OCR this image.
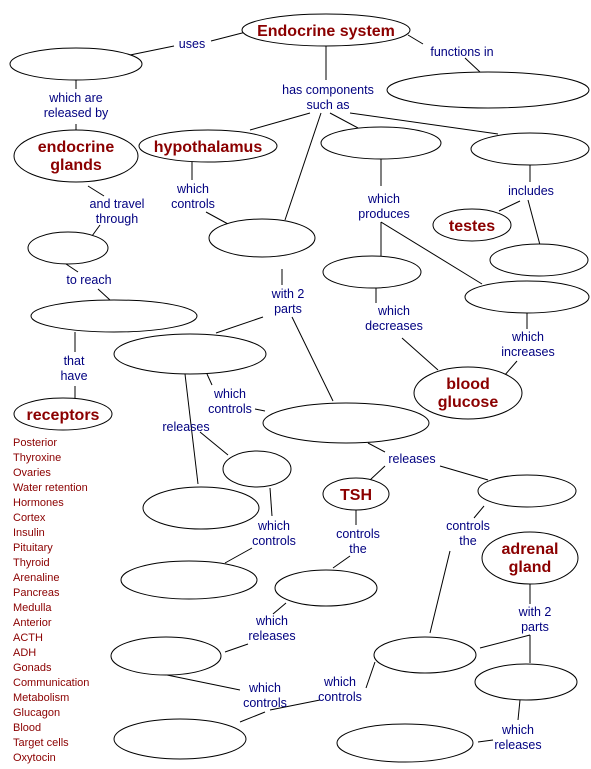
Endocrine system
endocrine
glands
hypothalamus
testes
blood
glucose
receptors
TSH
adrenal
gland
uses
functions in
which are released by
has components such as
which controls
and travel through
which produces
includes
to reach
with 2 parts	which decreases
which increases
that have
which controls
releases
releases
which controls	controls the
controls the
with 2 parts
which releases
which controls
which controls
which releases
Posterior
Thyroxine
Ovaries
Water retention
Hormones
Cortex
Insulin
Pituitary
Thyroid
Arenaline
Pancreas
Medulla
Anterior
ACTH
ADH
Gonads
Communication
Metabolism
Glucagon
Blood
Target cells
Oxytocin
